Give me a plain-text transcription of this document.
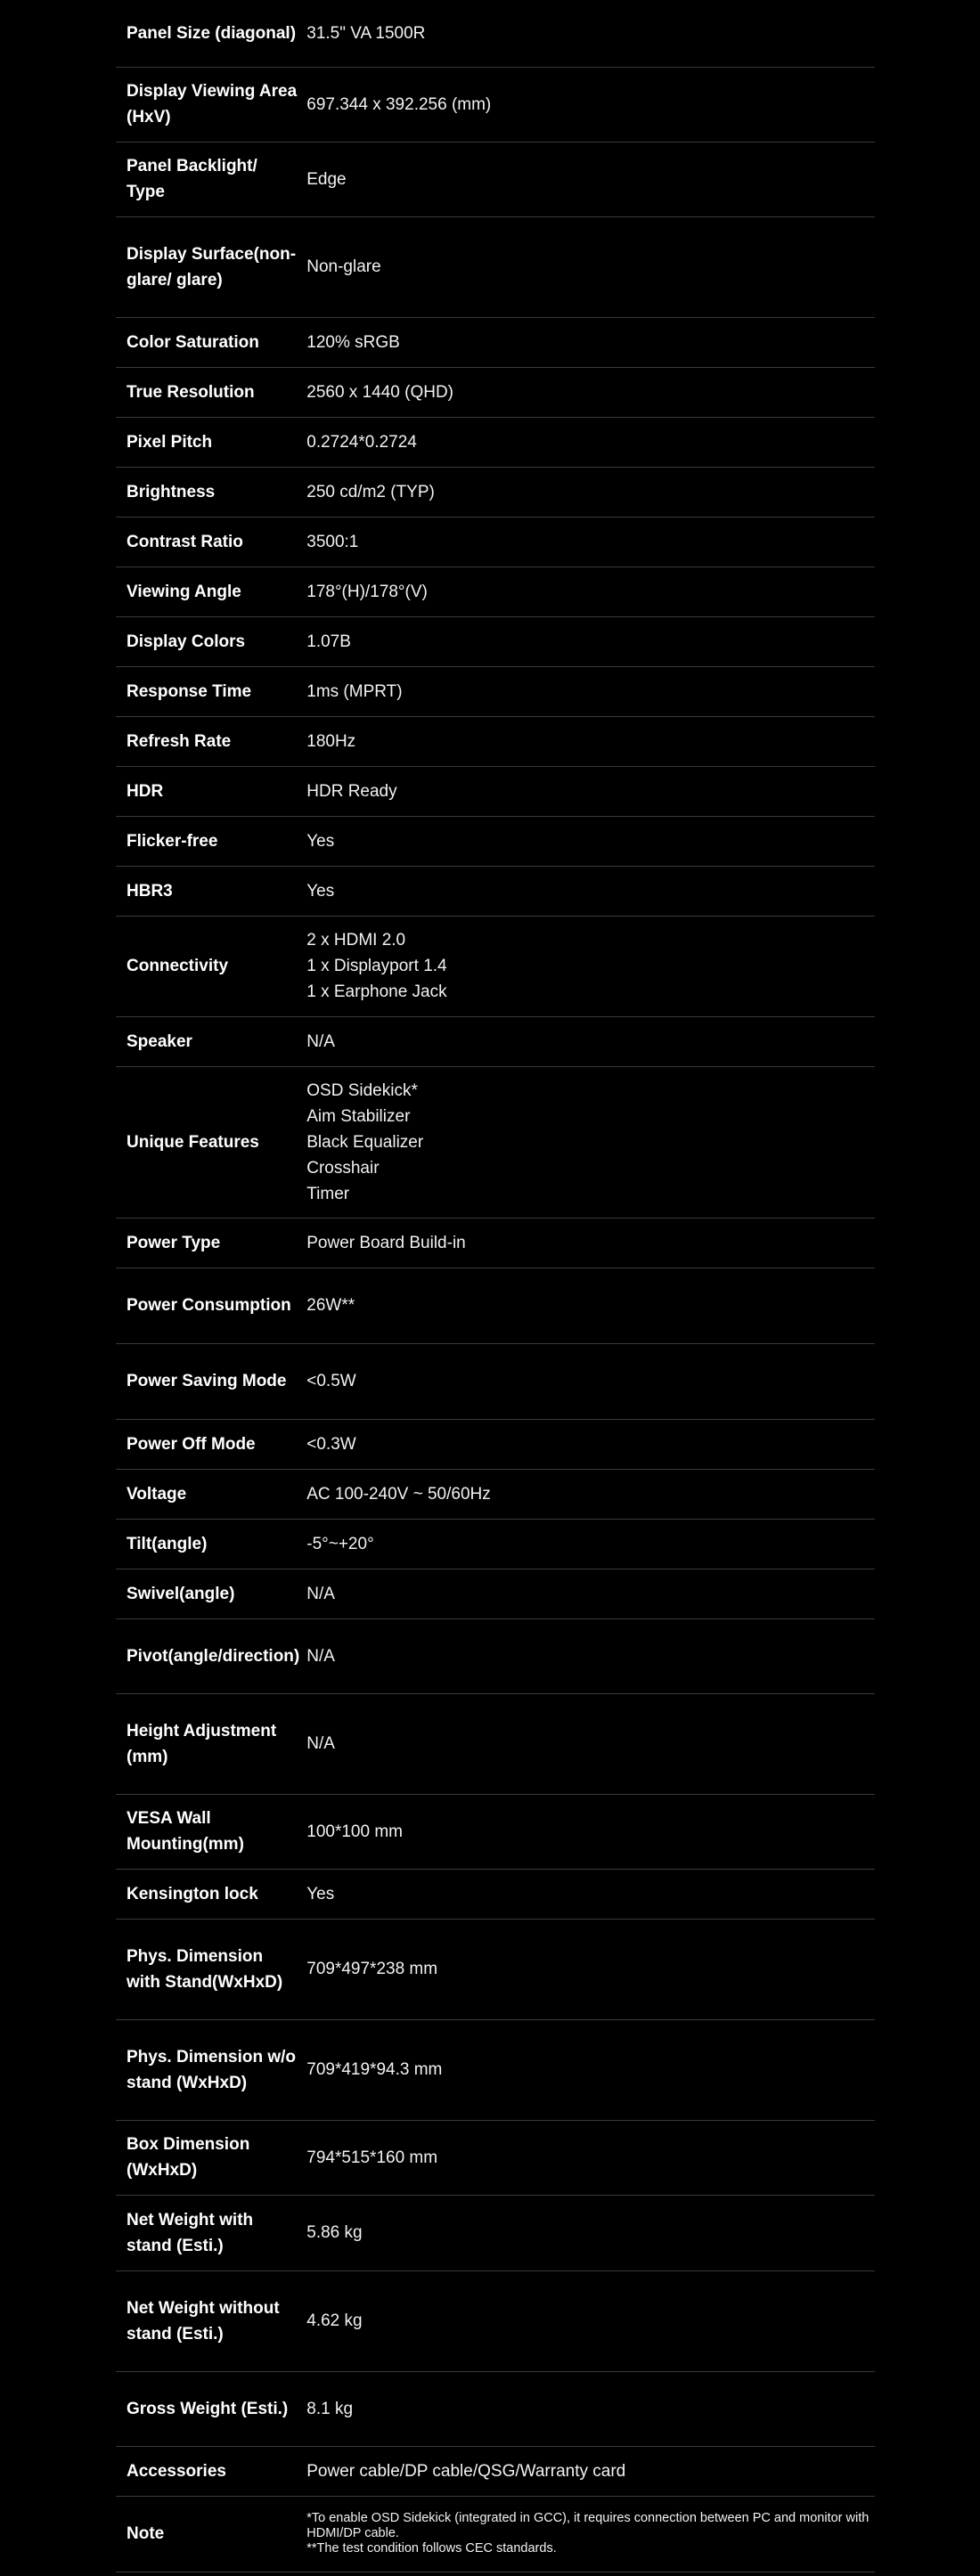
Panel Size (diagonal)	31.5" VA 1500R

Display Viewing Area (HxV)	697.344 x 392.256 (mm)

Panel Backlight/ Type	Edge

Display Surface(non-glare/ glare)	Non-glare

Color Saturation	120% sRGB

True Resolution	2560 x 1440 (QHD)

Pixel Pitch	0.2724*0.2724

Brightness	250 cd/m2 (TYP)

Contrast Ratio	3500:1

Viewing Angle	178°(H)/178°(V)

Display Colors	1.07B

Response Time	1ms (MPRT)

Refresh Rate	180Hz

HDR	HDR Ready

Flicker-free	Yes

HBR3	Yes

Connectivity	2 x HDMI 2.0
1 x Displayport 1.4
1 x Earphone Jack

Speaker	N/A

Unique Features	OSD Sidekick*
Aim Stabilizer
Black Equalizer
Crosshair
Timer

Power Type	Power Board Build-in

Power Consumption	26W**

Power Saving Mode	<0.5W

Power Off Mode	<0.3W

Voltage	AC 100-240V ~ 50/60Hz

Tilt(angle)	-5°~+20°

Swivel(angle)	N/A

Pivot(angle/direction)	N/A

Height Adjustment (mm)	N/A

VESA Wall Mounting(mm)	100*100 mm

Kensington lock	Yes

Phys. Dimension with Stand(WxHxD)	709*497*238 mm

Phys. Dimension w/o stand (WxHxD)	709*419*94.3 mm

Box Dimension (WxHxD)	794*515*160 mm

Net Weight with stand (Esti.)	5.86 kg

Net Weight without stand (Esti.)	4.62 kg

Gross Weight (Esti.)	8.1 kg

Accessories	Power cable/DP cable/QSG/Warranty card

Note	*To enable OSD Sidekick (integrated in GCC), it requires connection between PC and monitor with HDMI/DP cable.
**The test condition follows CEC standards.
